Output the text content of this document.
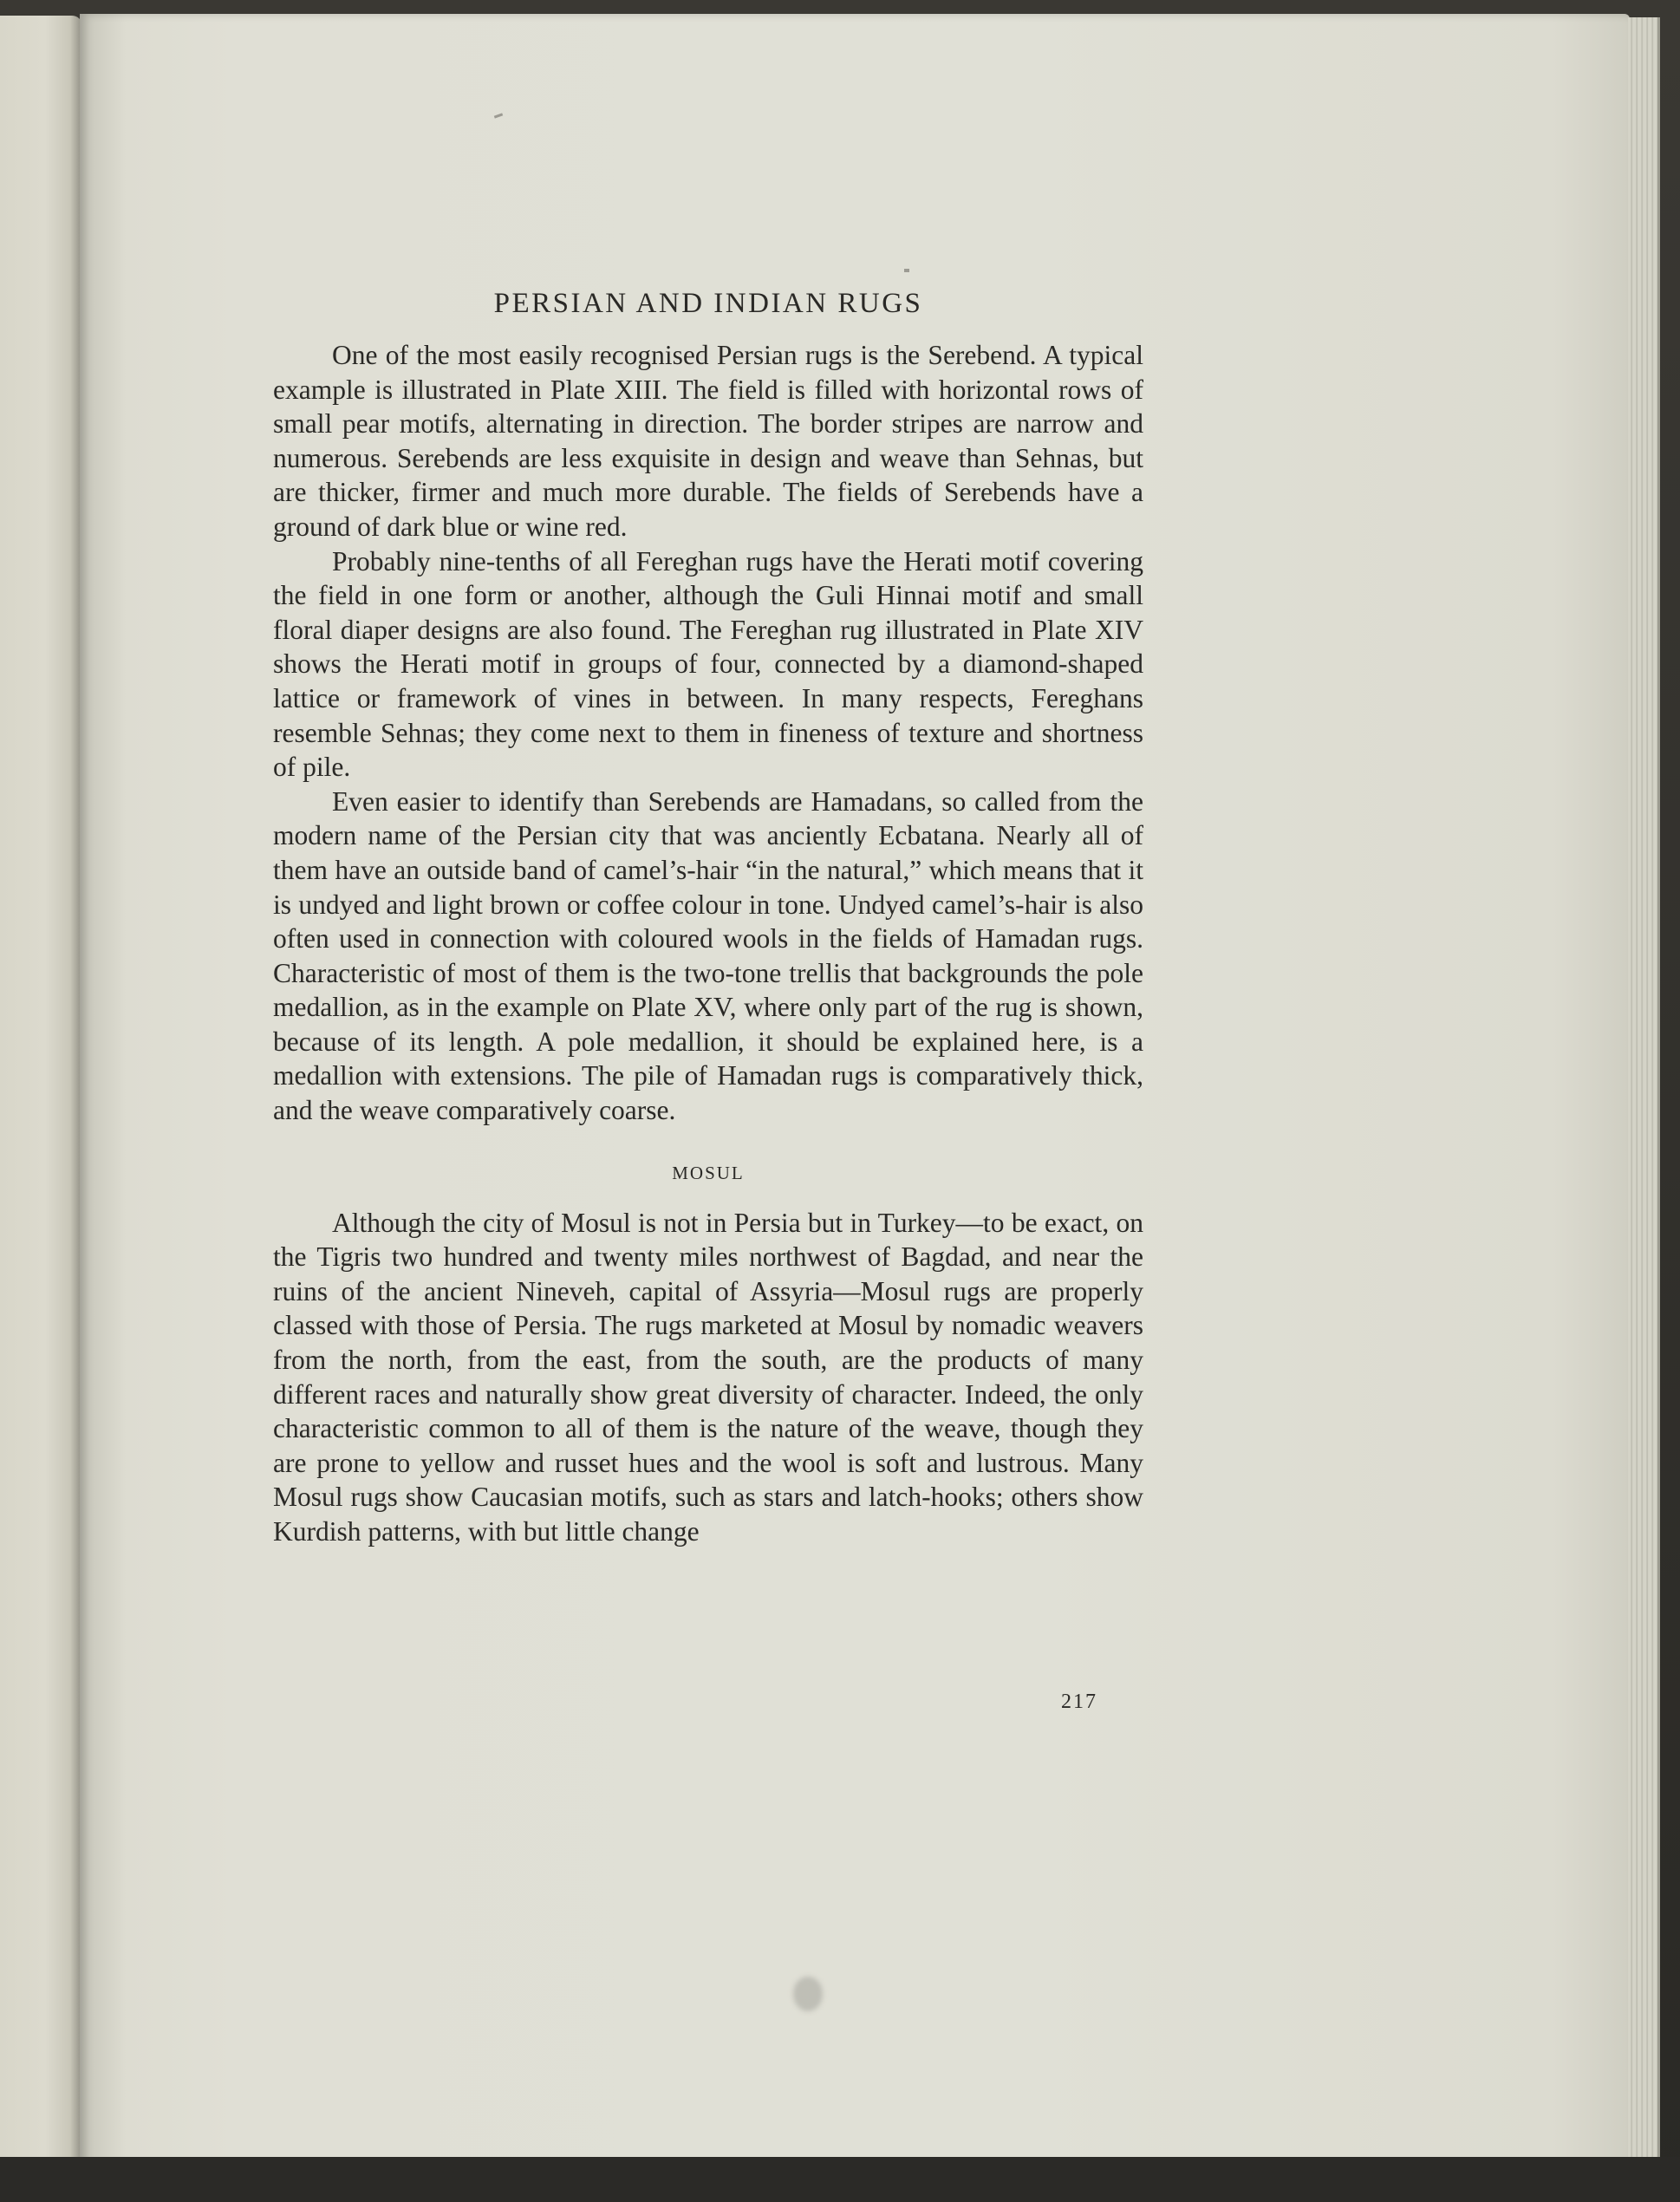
PERSIAN AND INDIAN RUGS

One of the most easily recognised Persian rugs is the Serebend. A typical example is illustrated in Plate XIII. The field is filled with horizontal rows of small pear motifs, alternating in direction. The border stripes are narrow and numerous. Serebends are less exquisite in design and weave than Sehnas, but are thicker, firmer and much more durable. The fields of Serebends have a ground of dark blue or wine red.

Probably nine-tenths of all Fereghan rugs have the Herati motif covering the field in one form or another, although the Guli Hinnai motif and small floral diaper designs are also found. The Fereghan rug illustrated in Plate XIV shows the Herati motif in groups of four, connected by a diamond-shaped lattice or framework of vines in between. In many respects, Fereghans resemble Sehnas; they come next to them in fineness of texture and shortness of pile.

Even easier to identify than Serebends are Hamadans, so called from the modern name of the Persian city that was anciently Ecbatana. Nearly all of them have an outside band of camel’s-hair “in the natural,” which means that it is undyed and light brown or coffee colour in tone. Undyed camel’s-hair is also often used in connection with coloured wools in the fields of Hamadan rugs. Characteristic of most of them is the two-tone trellis that backgrounds the pole medallion, as in the example on Plate XV, where only part of the rug is shown, because of its length. A pole medallion, it should be explained here, is a medallion with extensions. The pile of Hamadan rugs is comparatively thick, and the weave comparatively coarse.

MOSUL

Although the city of Mosul is not in Persia but in Turkey—to be exact, on the Tigris two hundred and twenty miles northwest of Bagdad, and near the ruins of the ancient Nineveh, capital of Assyria—Mosul rugs are properly classed with those of Persia. The rugs marketed at Mosul by nomadic weavers from the north, from the east, from the south, are the products of many different races and naturally show great diversity of character. Indeed, the only characteristic common to all of them is the nature of the weave, though they are prone to yellow and russet hues and the wool is soft and lustrous. Many Mosul rugs show Caucasian motifs, such as stars and latch-hooks; others show Kurdish patterns, with but little change

217
